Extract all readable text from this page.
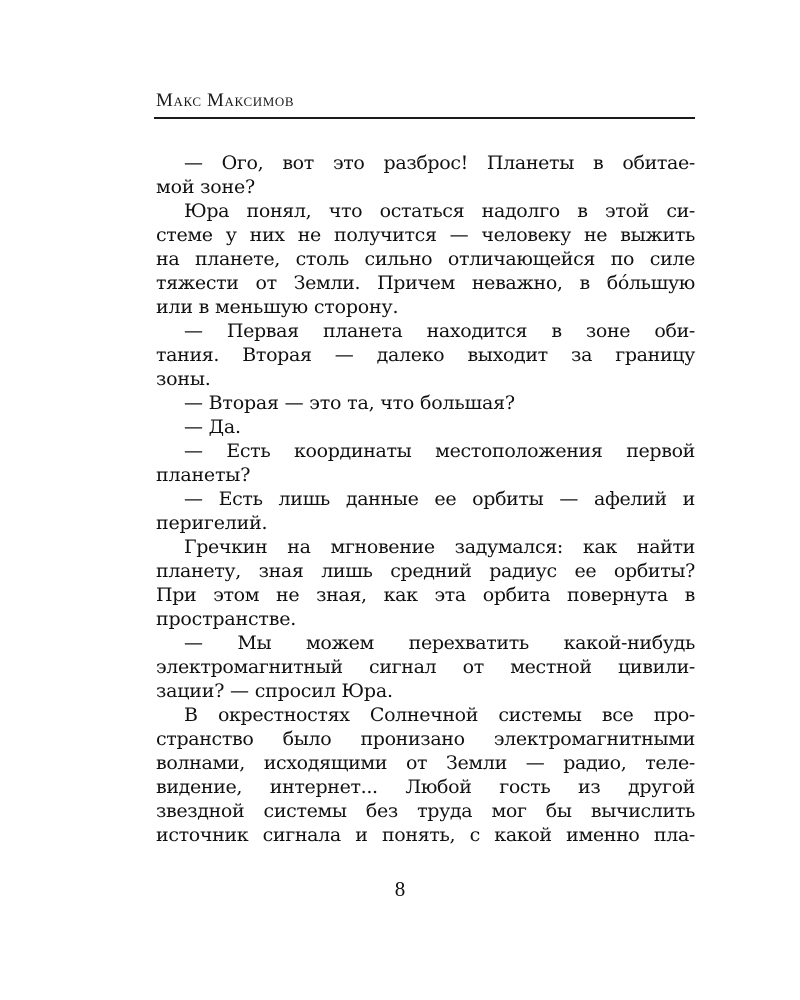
Макс Максимов
— Ого, вот это разброс! Планеты в обитае-
мой зоне?
Юра понял, что остаться надолго в этой си-
стеме у них не получится — человеку не выжить
на планете, столь сильно отличающейся по силе
тяжести от Земли. Причем неважно, в бóльшую
или в меньшую сторону.
— Первая планета находится в зоне оби-
тания. Вторая — далеко выходит за границу
зоны.
— Вторая — это та, что большая?
— Да.
— Есть координаты местоположения первой
планеты?
— Есть лишь данные ее орбиты — афелий и
перигелий.
Гречкин на мгновение задумался: как найти
планету, зная лишь средний радиус ее орбиты?
При этом не зная, как эта орбита повернута в
пространстве.
— Мы можем перехватить какой-нибудь
электромагнитный сигнал от местной цивили-
зации? — спросил Юра.
В окрестностях Солнечной системы все про-
странство было пронизано электромагнитными
волнами, исходящими от Земли — радио, теле-
видение, интернет... Любой гость из другой
звездной системы без труда мог бы вычислить
источник сигнала и понять, с какой именно пла-
8
